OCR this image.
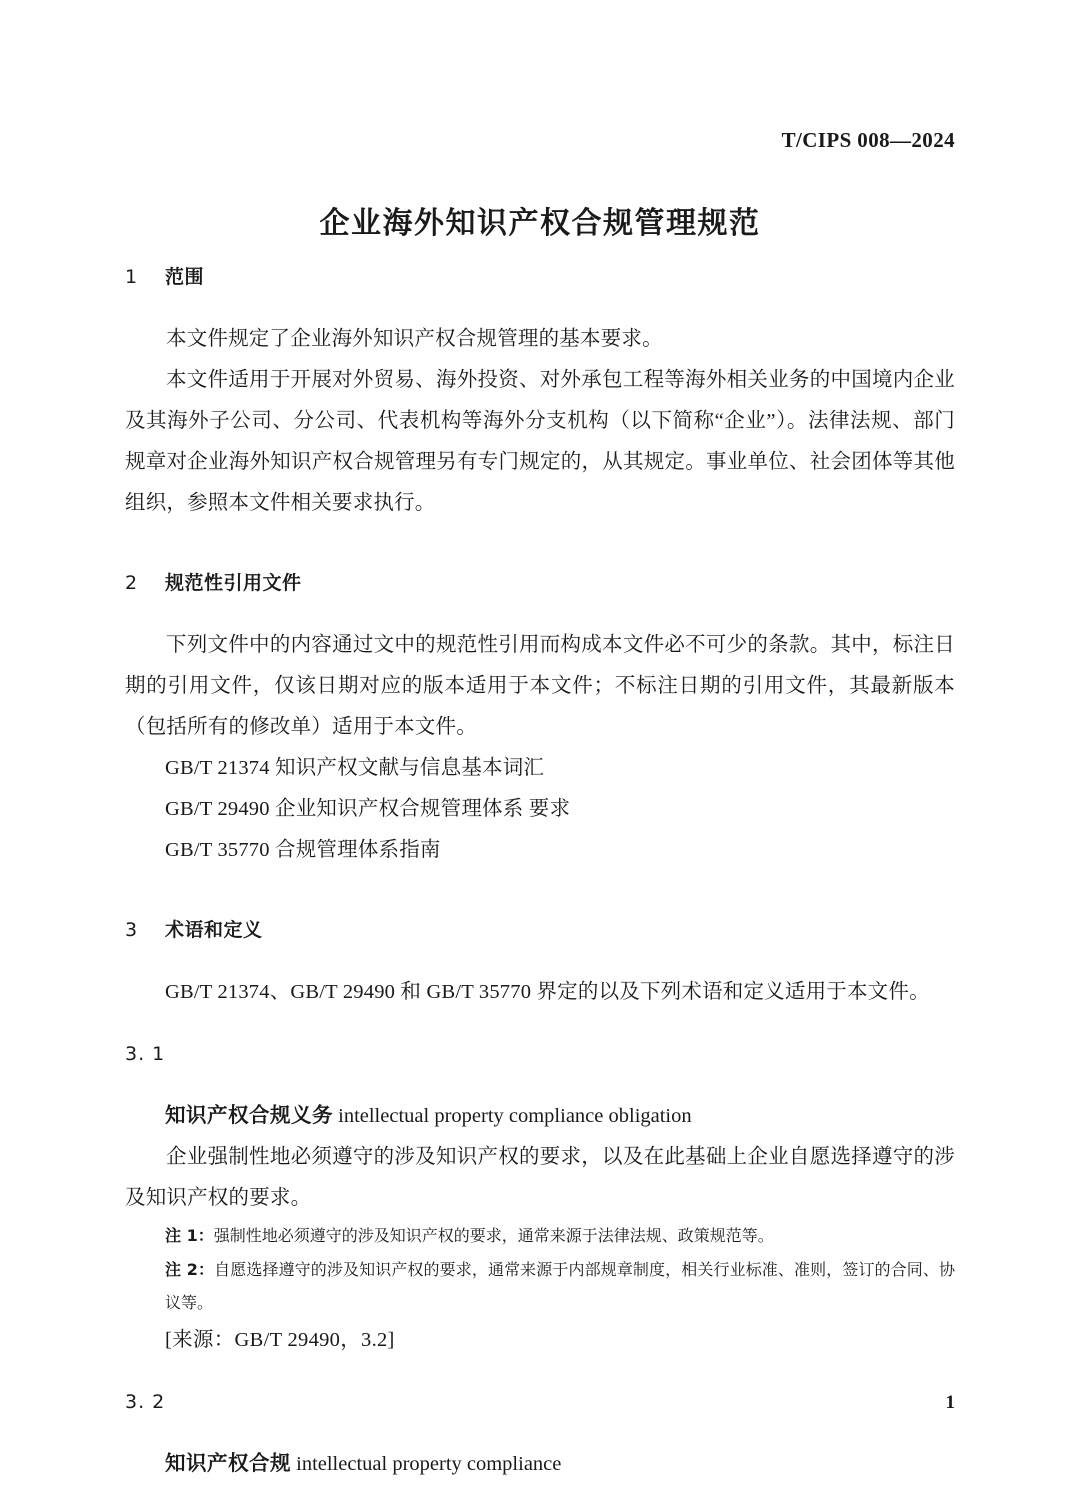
T/CIPS 008—2024
企业海外知识产权合规管理规范
1	范围

本文件规定了企业海外知识产权合规管理的基本要求。

本文件适用于开展对外贸易、海外投资、对外承包工程等海外相关业务的中国境内企业及其海外子公司、分公司、代表机构等海外分支机构（以下简称“企业”）。法律法规、部门规章对企业海外知识产权合规管理另有专门规定的，从其规定。事业单位、社会团体等其他组织，参照本文件相关要求执行。

2	规范性引用文件

下列文件中的内容通过文中的规范性引用而构成本文件必不可少的条款。其中，标注日期的引用文件，仅该日期对应的版本适用于本文件；不标注日期的引用文件，其最新版本（包括所有的修改单）适用于本文件。

GB/T 21374 知识产权文献与信息基本词汇

GB/T 29490 企业知识产权合规管理体系 要求

GB/T 35770 合规管理体系指南

3	术语和定义

GB/T 21374、GB/T 29490 和 GB/T 35770 界定的以及下列术语和定义适用于本文件。

3. 1

知识产权合规义务 intellectual property compliance obligation

企业强制性地必须遵守的涉及知识产权的要求，以及在此基础上企业自愿选择遵守的涉及知识产权的要求。

注 1：强制性地必须遵守的涉及知识产权的要求，通常来源于法律法规、政策规范等。

注 2：自愿选择遵守的涉及知识产权的要求，通常来源于内部规章制度，相关行业标准、准则，签订的合同、协议等。

[来源：GB/T 29490，3.2]

3. 2

知识产权合规 intellectual property compliance

1
